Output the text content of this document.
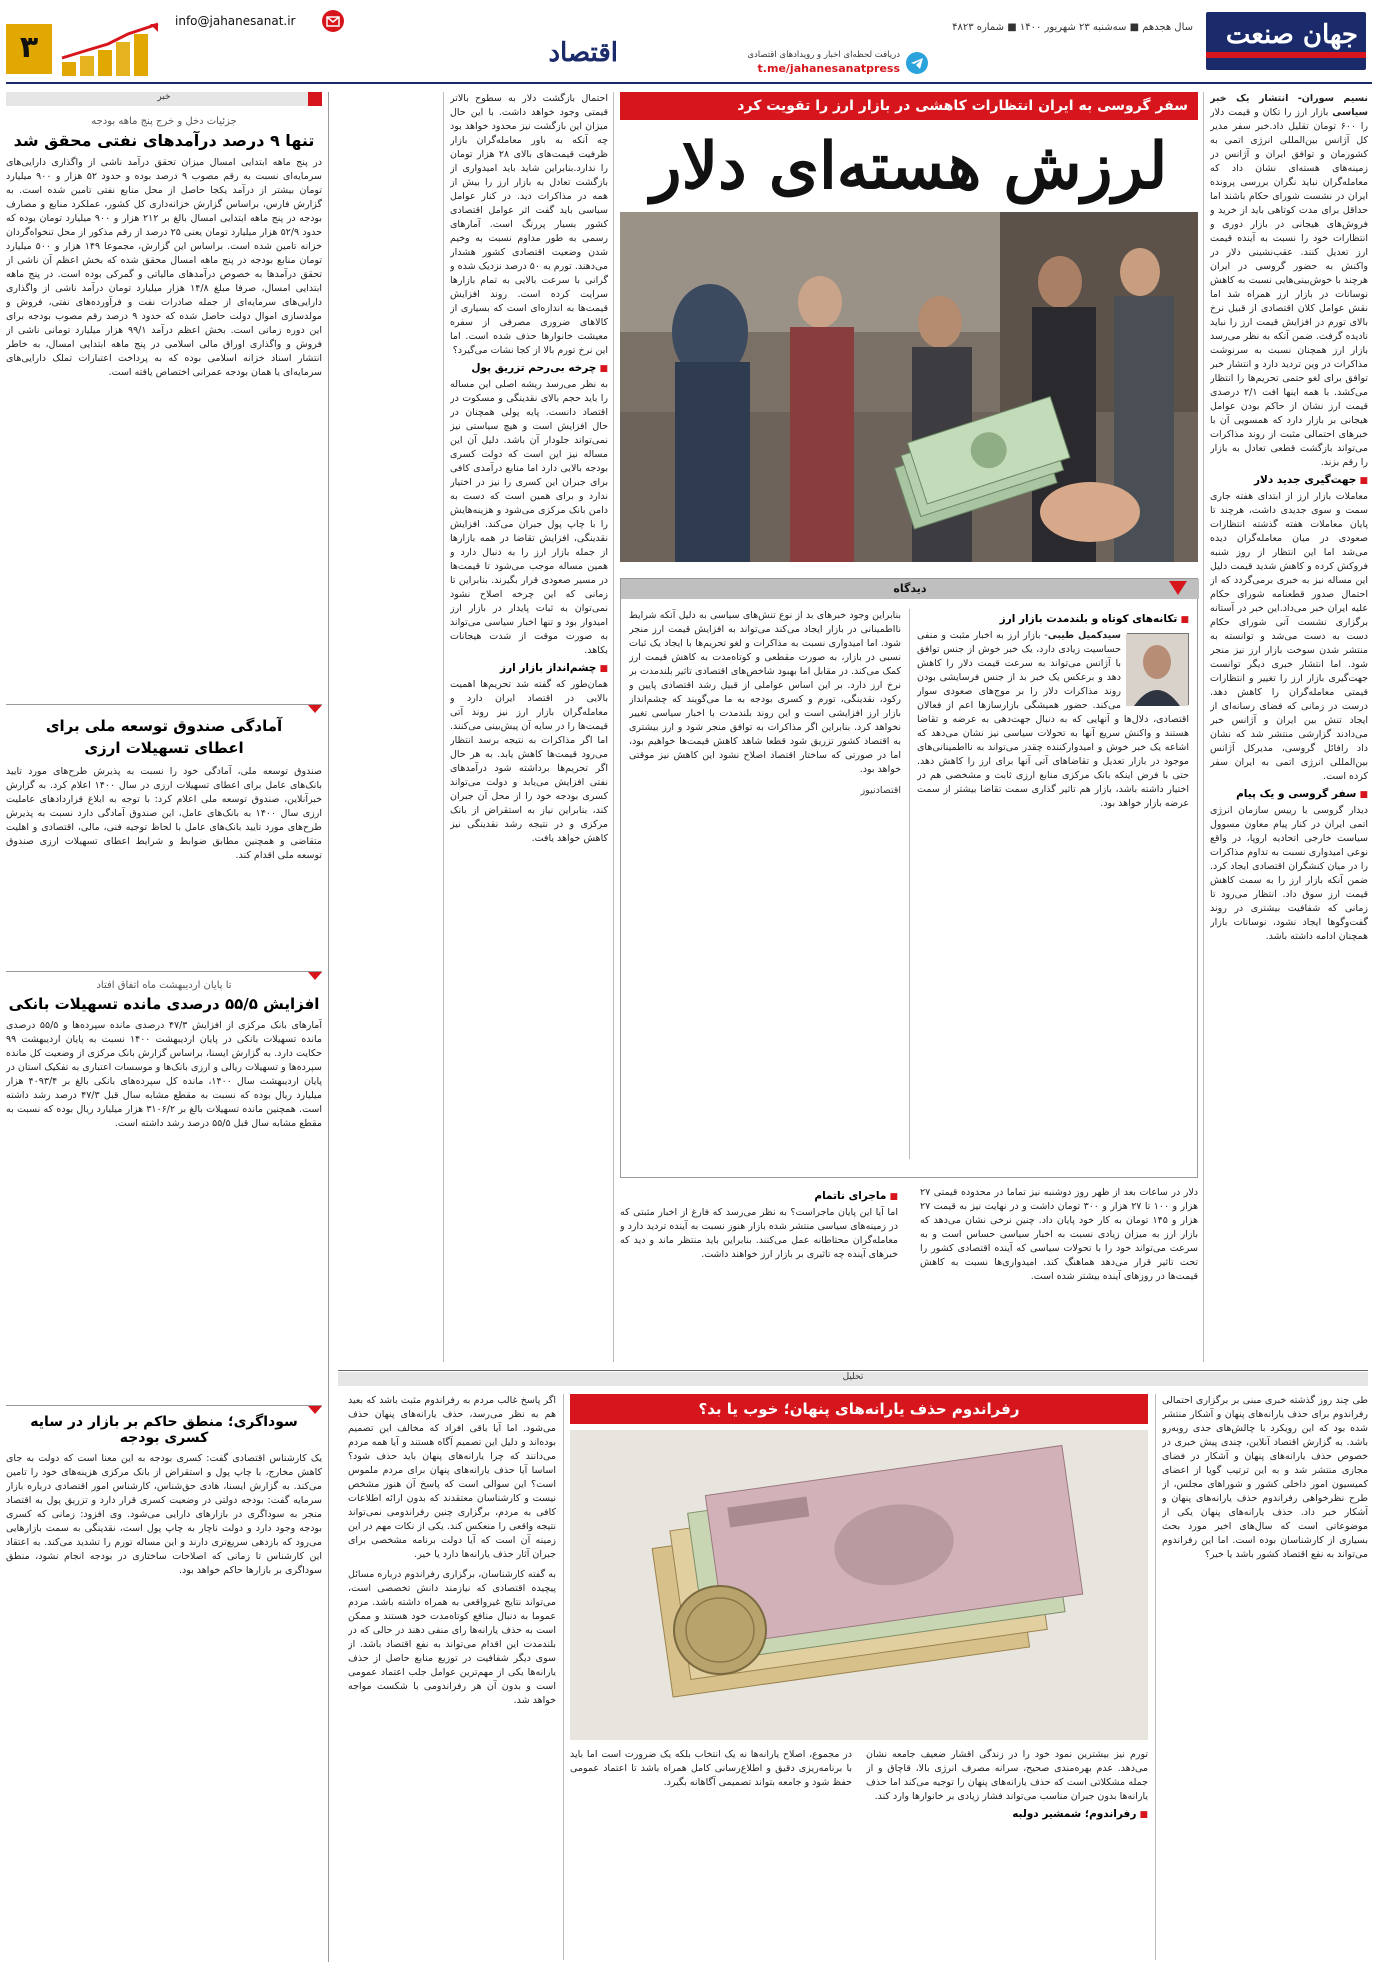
جهان صنعت
سال هجدهم ■ سه‌شنبه ۲۳ شهریور ۱۴۰۰ ■ شماره ۴۸۲۳
دریافت لحظه‌ای اخبار و رویدادهای اقتصادی
t.me/jahanesanatpress
اقتصاد
info@jahanesanat.ir
۳

نسیم سوران- انتشار یک خبر سیاسی بازار ارز را تکان و قیمت دلار را ۶۰۰ تومان تقلیل داد.خبر سفر مدیر کل آژانس بین‌المللی انرژی اتمی به کشورمان و توافق ایران و آژانس در زمینه‌های هسته‌ای نشان داد که معامله‌گران نباید نگران بررسی پرونده ایران در نشست شورای حکام باشند اما حداقل برای مدت کوتاهی باید از خرید و فروش‌های هیجانی در بازار دوری و انتظارات خود را نسبت به آینده قیمت ارز تعدیل کنند. عقب‌نشینی دلار در واکنش به حضور گروسی در ایران هرچند با خوش‌بینی‌هایی نسبت به کاهش نوسانات در بازار ارز همراه شد اما نقش عوامل کلان اقتصادی از قبیل نرخ بالای تورم در افزایش قیمت ارز را نباید نادیده گرفت. ضمن آنکه به نظر می‌رسد بازار ارز همچنان نسبت به سرنوشت مذاکرات در وین تردید دارد و انتشار خبر توافق برای لغو حتمی تحریم‌ها را انتظار می‌کشد. با همه اینها افت ۲/۱ درصدی قیمت ارز نشان از حاکم بودن عوامل هیجانی بر بازار دارد که همسویی آن با خبرهای احتمالی مثبت از روند مذاکرات می‌تواند بازگشت قطعی تعادل به بازار را رقم بزند.

■ جهت‌گیری جدید دلار

معاملات بازار ارز از ابتدای هفته جاری سمت و سوی جدیدی داشت، هرچند تا پایان معاملات هفته گذشته انتظارات صعودی در میان معامله‌گران دیده می‌شد اما این انتظار از روز شنبه فروکش کرده و کاهش شدید قیمت دلیل این مساله نیز به خبری برمی‌گردد که از احتمال صدور قطعنامه شورای حکام علیه ایران خبر می‌داد.این خبر در آستانه برگزاری نشست آتی شورای حکام دست به دست می‌شد و توانسته به منتشر شدن سوخت بازار ارز نیز منجر شود. اما انتشار خبری دیگر توانست جهت‌گیری بازار ارز را تغییر و انتظارات قیمتی معامله‌گران را کاهش دهد. درست در زمانی که فضای رسانه‌ای از ایجاد تنش بین ایران و آژانس خبر می‌دادند گزارشی منتشر شد که نشان داد رافائل گروسی، مدیرکل آژانس بین‌المللی انرژی اتمی به ایران سفر کرده است.

■ سفر گروسی و یک پیام

دیدار گروسی با رییس سازمان انرژی اتمی ایران در کنار پیام معاون مسوول سیاست خارجی اتحادیه اروپا، در واقع نوعی امیدواری نسبت به تداوم مذاکرات را در میان کنشگران اقتصادی ایجاد کرد. ضمن آنکه بازار ارز را به سمت کاهش قیمت ارز سوق داد. انتظار می‌رود تا زمانی که شفافیت بیشتری در روند گفت‌وگوها ایجاد نشود، نوسانات بازار همچنان ادامه داشته باشد.

سفر گروسی به ایران انتظارات کاهشی در بازار ارز را تقویت کرد
لرزش هسته‌ای دلار

احتمال بازگشت دلار به سطوح بالاتر قیمتی وجود خواهد داشت. با این حال میزان این بازگشت نیز محدود خواهد بود چه آنکه به باور معامله‌گران بازار ظرفیت قیمت‌های بالای ۲۸ هزار تومان را ندارد.بنابراین شاید باید امیدواری از بازگشت تعادل به بازار ارز را بیش از همه در مذاکرات دید. در کنار عوامل سیاسی باید گفت اثر عوامل اقتصادی کشور بسیار پررنگ است. آمارهای رسمی به طور مداوم نسبت به وخیم شدن وضعیت اقتصادی کشور هشدار می‌دهند. تورم به ۵۰ درصد نزدیک شده و گرانی با سرعت بالایی به تمام بازارها سرایت کرده است. روند افزایش قیمت‌ها به اندازه‌ای است که بسیاری از کالاهای ضروری مصرفی از سفره معیشت خانوارها حذف شده است. اما این نرخ تورم بالا از کجا نشات می‌گیرد؟

■ چرخه بی‌رحم تزریق پول

به نظر می‌رسد ریشه اصلی این مساله را باید حجم بالای نقدینگی و مسکوت در اقتصاد دانست. پایه پولی همچنان در حال افزایش است و هیچ سیاستی نیز نمی‌تواند جلودار آن باشد. دلیل آن این مساله نیز این است که دولت کسری بودجه بالایی دارد اما منابع درآمدی کافی برای جبران این کسری را نیز در اختیار ندارد و برای همین است که دست به دامن بانک مرکزی می‌شود و هزینه‌هایش را با چاپ پول جبران می‌کند. افزایش نقدینگی، افزایش تقاضا در همه بازارها از جمله بازار ارز را به دنبال دارد و همین مساله موجب می‌شود تا قیمت‌ها در مسیر صعودی قرار بگیرند. بنابراین تا زمانی که این چرخه اصلاح نشود نمی‌توان به ثبات پایدار در بازار ارز امیدوار بود و تنها اخبار سیاسی می‌تواند به صورت موقت از شدت هیجانات بکاهد.

■ چشم‌انداز بازار ارز

همان‌طور که گفته شد تحریم‌ها اهمیت بالایی در اقتصاد ایران دارد و معامله‌گران بازار ارز نیز روند آتی قیمت‌ها را در سایه آن پیش‌بینی می‌کنند. اما اگر مذاکرات به نتیجه برسد انتظار می‌رود قیمت‌ها کاهش یابد. به هر حال اگر تحریم‌ها برداشته شود درآمدهای نفتی افزایش می‌یابد و دولت می‌تواند کسری بودجه خود را از محل آن جبران کند، بنابراین نیاز به استقراض از بانک مرکزی و در نتیجه رشد نقدینگی نیز کاهش خواهد یافت.

دیدگاه
■ تکانه‌های کوتاه و بلندمدت بازار ارز

سیدکمیل طیبی- بازار ارز به اخبار مثبت و منفی حساسیت زیادی دارد، یک خبر خوش از جنس توافق با آژانس می‌تواند به سرعت قیمت دلار را کاهش دهد و برعکس یک خبر بد از جنس فرسایشی بودن روند مذاکرات دلار را بر موج‌های صعودی سوار می‌کند. حضور همیشگی بازارسازها اعم از فعالان اقتصادی، دلال‌ها و آنهایی که به دنبال جهت‌دهی به عرضه و تقاضا هستند و واکنش سریع آنها به تحولات سیاسی نیز نشان می‌دهد که اشاعه یک خبر خوش و امیدوارکننده چقدر می‌تواند به نااطمینانی‌های موجود در بازار تعدیل و تقاضاهای آتی آنها برای ارز را کاهش دهد. حتی با فرض اینکه بانک مرکزی منابع ارزی ثابت و مشخصی هم در اختیار داشته باشد، بازار هم تاثیر گذاری سمت تقاضا بیشتر از سمت عرضه بازار خواهد بود.

بنابراین وجود خبرهای بد از نوع تنش‌های سیاسی به دلیل آنکه شرایط نااطمینانی در بازار ایجاد می‌کند می‌تواند به افزایش قیمت ارز منجر شود. اما امیدواری نسبت به مذاکرات و لغو تحریم‌ها با ایجاد یک ثبات نسبی در بازار، به صورت مقطعی و کوتاه‌مدت به کاهش قیمت ارز کمک می‌کند. در مقابل اما بهبود شاخص‌های اقتصادی تاثیر بلندمدت بر نرخ ارز دارد. بر این اساس عواملی از قبیل رشد اقتصادی پایین و رکود، نقدینگی، تورم و کسری بودجه به ما می‌گویند که چشم‌انداز بازار ارز افزایشی است و این روند بلندمدت با اخبار سیاسی تغییر نخواهد کرد. بنابراین اگر مذاکرات به توافق منجر شود و ارز بیشتری به اقتصاد کشور تزریق شود قطعا شاهد کاهش قیمت‌ها خواهیم بود، اما در صورتی که ساختار اقتصاد اصلاح نشود این کاهش نیز موقتی خواهد بود.

اقتصادنیوز

دلار در ساعات بعد از ظهر روز دوشنبه نیز تماما در محدوده قیمتی ۲۷ هزار و ۱۰۰ تا ۲۷ هزار و ۳۰۰ تومان داشت و در نهایت نیز به قیمت ۲۷ هزار و ۱۴۵ تومان به کار خود پایان داد. چنین نرخی نشان می‌دهد که بازار ارز به میزان زیادی نسبت به اخبار سیاسی حساس است و به سرعت می‌تواند خود را با تحولات سیاسی که آینده اقتصادی کشور را تحت تاثیر قرار می‌دهد هماهنگ کند. امیدواری‌ها نسبت به کاهش قیمت‌ها در روزهای آینده بیشتر شده است.

■ ماجرای ناتمام

اما آیا این پایان ماجراست؟ به نظر می‌رسد که فارغ از اخبار مثبتی که در زمینه‌های سیاسی منتشر شده بازار هنوز نسبت به آینده تردید دارد و معامله‌گران محتاطانه عمل می‌کنند. بنابراین باید منتظر ماند و دید که خبرهای آینده چه تاثیری بر بازار ارز خواهند داشت.

خبر
جزئیات دخل و خرج پنج ماهه بودجه
تنها ۹ درصد درآمدهای نفتی محقق شد

در پنج ماهه ابتدایی امسال میزان تحقق درآمد ناشی از واگذاری دارایی‌های سرمایه‌ای نسبت به رقم مصوب ۹ درصد بوده و حدود ۵۲ هزار و ۹۰۰ میلیارد تومان بیشتر از درآمد یکجا حاصل از محل منابع نفتی تامین شده است. به گزارش فارس، براساس گزارش خزانه‌داری کل کشور، عملکرد منابع و مصارف بودجه در پنج ماهه ابتدایی امسال بالغ بر ۲۱۲ هزار و ۹۰۰ میلیارد تومان بوده که حدود ۵۲/۹ هزار میلیارد تومان یعنی ۲۵ درصد از رقم مذکور از محل تنخواه‌گردان خزانه تامین شده است. براساس این گزارش، مجموعا ۱۴۹ هزار و ۵۰۰ میلیارد تومان منابع بودجه در پنج ماهه امسال محقق شده که بخش اعظم آن ناشی از تحقق درآمدها به خصوص درآمدهای مالیاتی و گمرکی بوده است. در پنج ماهه ابتدایی امسال، صرفا مبلغ ۱۴/۸ هزار میلیارد تومان درآمد ناشی از واگذاری دارایی‌های سرمایه‌ای از جمله صادرات نفت و فرآورده‌های نفتی، فروش و مولدسازی اموال دولت حاصل شده که حدود ۹ درصد رقم مصوب بودجه برای این دوره زمانی است. بخش اعظم درآمد ۹۹/۱ هزار میلیارد تومانی ناشی از فروش و واگذاری اوراق مالی اسلامی در پنج ماهه ابتدایی امسال، به خاطر انتشار اسناد خزانه اسلامی بوده که به پرداخت اعتبارات تملک دارایی‌های سرمایه‌ای یا همان بودجه عمرانی اختصاص یافته است.

آمادگی صندوق توسعه ملی برای اعطای تسهیلات ارزی

صندوق توسعه ملی، آمادگی خود را نسبت به پذیرش طرح‌های مورد تایید بانک‌های عامل برای اعطای تسهیلات ارزی در سال ۱۴۰۰ اعلام کرد. به گزارش خبرآنلاین، صندوق توسعه ملی اعلام کرد: با توجه به ابلاغ قراردادهای عاملیت ارزی سال ۱۴۰۰ به بانک‌های عامل، این صندوق آمادگی دارد نسبت به پذیرش طرح‌های مورد تایید بانک‌های عامل با لحاظ توجیه فنی، مالی، اقتصادی و اهلیت متقاضی و همچنین مطابق ضوابط و شرایط اعطای تسهیلات ارزی صندوق توسعه ملی اقدام کند.

تا پایان اردیبهشت ماه اتفاق افتاد
افزایش ۵۵/۵ درصدی مانده تسهیلات بانکی

آمارهای بانک مرکزی از افزایش ۴۷/۳ درصدی مانده سپرده‌ها و ۵۵/۵ درصدی مانده تسهیلات بانکی در پایان اردیبهشت ۱۴۰۰ نسبت به پایان اردیبهشت ۹۹ حکایت دارد. به گزارش ایسنا، براساس گزارش بانک مرکزی از وضعیت کل مانده سپرده‌ها و تسهیلات ریالی و ارزی بانک‌ها و موسسات اعتباری به تفکیک استان در پایان اردیبهشت سال ۱۴۰۰، مانده کل سپرده‌های بانکی بالغ بر ۴۰۹۳/۴ هزار میلیارد ریال بوده که نسبت به مقطع مشابه سال قبل ۴۷/۳ درصد رشد داشته است. همچنین مانده تسهیلات بالغ بر ۳۱۰۶/۲ هزار میلیارد ریال بوده که نسبت به مقطع مشابه سال قبل ۵۵/۵ درصد رشد داشته است.

سوداگری؛ منطق حاکم بر بازار در سایه کسری بودجه

یک کارشناس اقتصادی گفت: کسری بودجه به این معنا است که دولت به جای کاهش مخارج، با چاپ پول و استقراض از بانک مرکزی هزینه‌های خود را تامین می‌کند. به گزارش ایسنا، هادی حق‌شناس، کارشناس امور اقتصادی درباره بازار سرمایه گفت: بودجه دولتی در وضعیت کسری قرار دارد و تزریق پول به اقتصاد منجر به سوداگری در بازارهای دارایی می‌شود. وی افزود: زمانی که کسری بودجه وجود دارد و دولت ناچار به چاپ پول است، نقدینگی به سمت بازارهایی می‌رود که بازدهی سریع‌تری دارند و این مساله تورم را تشدید می‌کند. به اعتقاد این کارشناس تا زمانی که اصلاحات ساختاری در بودجه انجام نشود، منطق سوداگری بر بازارها حاکم خواهد بود.

تحلیل

طی چند روز گذشته خبری مبنی بر برگزاری احتمالی رفراندوم برای حذف یارانه‌های پنهان و آشکار منتشر شده بود که این رویکرد با چالش‌های جدی روبه‌رو باشد. به گزارش اقتصاد آنلاین، چندی پیش خبری در خصوص حذف یارانه‌های پنهان و آشکار در فضای مجازی منتشر شد و به این ترتیب گویا از اعضای کمیسیون امور داخلی کشور و شوراهای مجلس، از طرح نظرخواهی رفراندوم حذف یارانه‌های پنهان و آشکار خبر داد. حذف یارانه‌های پنهان یکی از موضوعاتی است که سال‌های اخیر مورد بحث بسیاری از کارشناسان بوده است. اما این رفراندوم می‌تواند به نفع اقتصاد کشور باشد یا خیر؟

رفراندوم حذف یارانه‌های پنهان؛ خوب یا بد؟

تورم نیز بیشترین نمود خود را در زندگی اقشار ضعیف جامعه نشان می‌دهد. عدم بهره‌مندی صحیح، سرانه مصرف انرژی بالا، قاچاق و از جمله مشکلاتی است که حذف یارانه‌های پنهان را توجیه می‌کند اما حذف یارانه‌ها بدون جبران مناسب می‌تواند فشار زیادی بر خانوارها وارد کند.

■ رفراندوم؛ شمشیر دولبه

در مجموع، اصلاح یارانه‌ها نه یک انتخاب بلکه یک ضرورت است اما باید با برنامه‌ریزی دقیق و اطلاع‌رسانی کامل همراه باشد تا اعتماد عمومی حفظ شود و جامعه بتواند تصمیمی آگاهانه بگیرد.

اگر پاسخ غالب مردم به رفراندوم مثبت باشد که بعید هم به نظر می‌رسد، حذف یارانه‌های پنهان حذف می‌شود. اما آیا باقی افراد که مخالف این تصمیم بوده‌اند و دلیل این تصمیم آگاه هستند و آیا همه مردم می‌دانند که چرا یارانه‌های پنهان باید حذف شود؟ اساسا آیا حذف یارانه‌های پنهان برای مردم ملموس است؟ این سوالی است که پاسخ آن هنوز مشخص نیست و کارشناسان معتقدند که بدون ارائه اطلاعات کافی به مردم، برگزاری چنین رفراندومی نمی‌تواند نتیجه واقعی را منعکس کند. یکی از نکات مهم در این زمینه آن است که آیا دولت برنامه مشخصی برای جبران آثار حذف یارانه‌ها دارد یا خیر.

به گفته کارشناسان، برگزاری رفراندوم درباره مسائل پیچیده اقتصادی که نیازمند دانش تخصصی است، می‌تواند نتایج غیرواقعی به همراه داشته باشد. مردم عموما به دنبال منافع کوتاه‌مدت خود هستند و ممکن است به حذف یارانه‌ها رای منفی دهند در حالی که در بلندمدت این اقدام می‌تواند به نفع اقتصاد باشد. از سوی دیگر شفافیت در توزیع منابع حاصل از حذف یارانه‌ها یکی از مهم‌ترین عوامل جلب اعتماد عمومی است و بدون آن هر رفراندومی با شکست مواجه خواهد شد.
